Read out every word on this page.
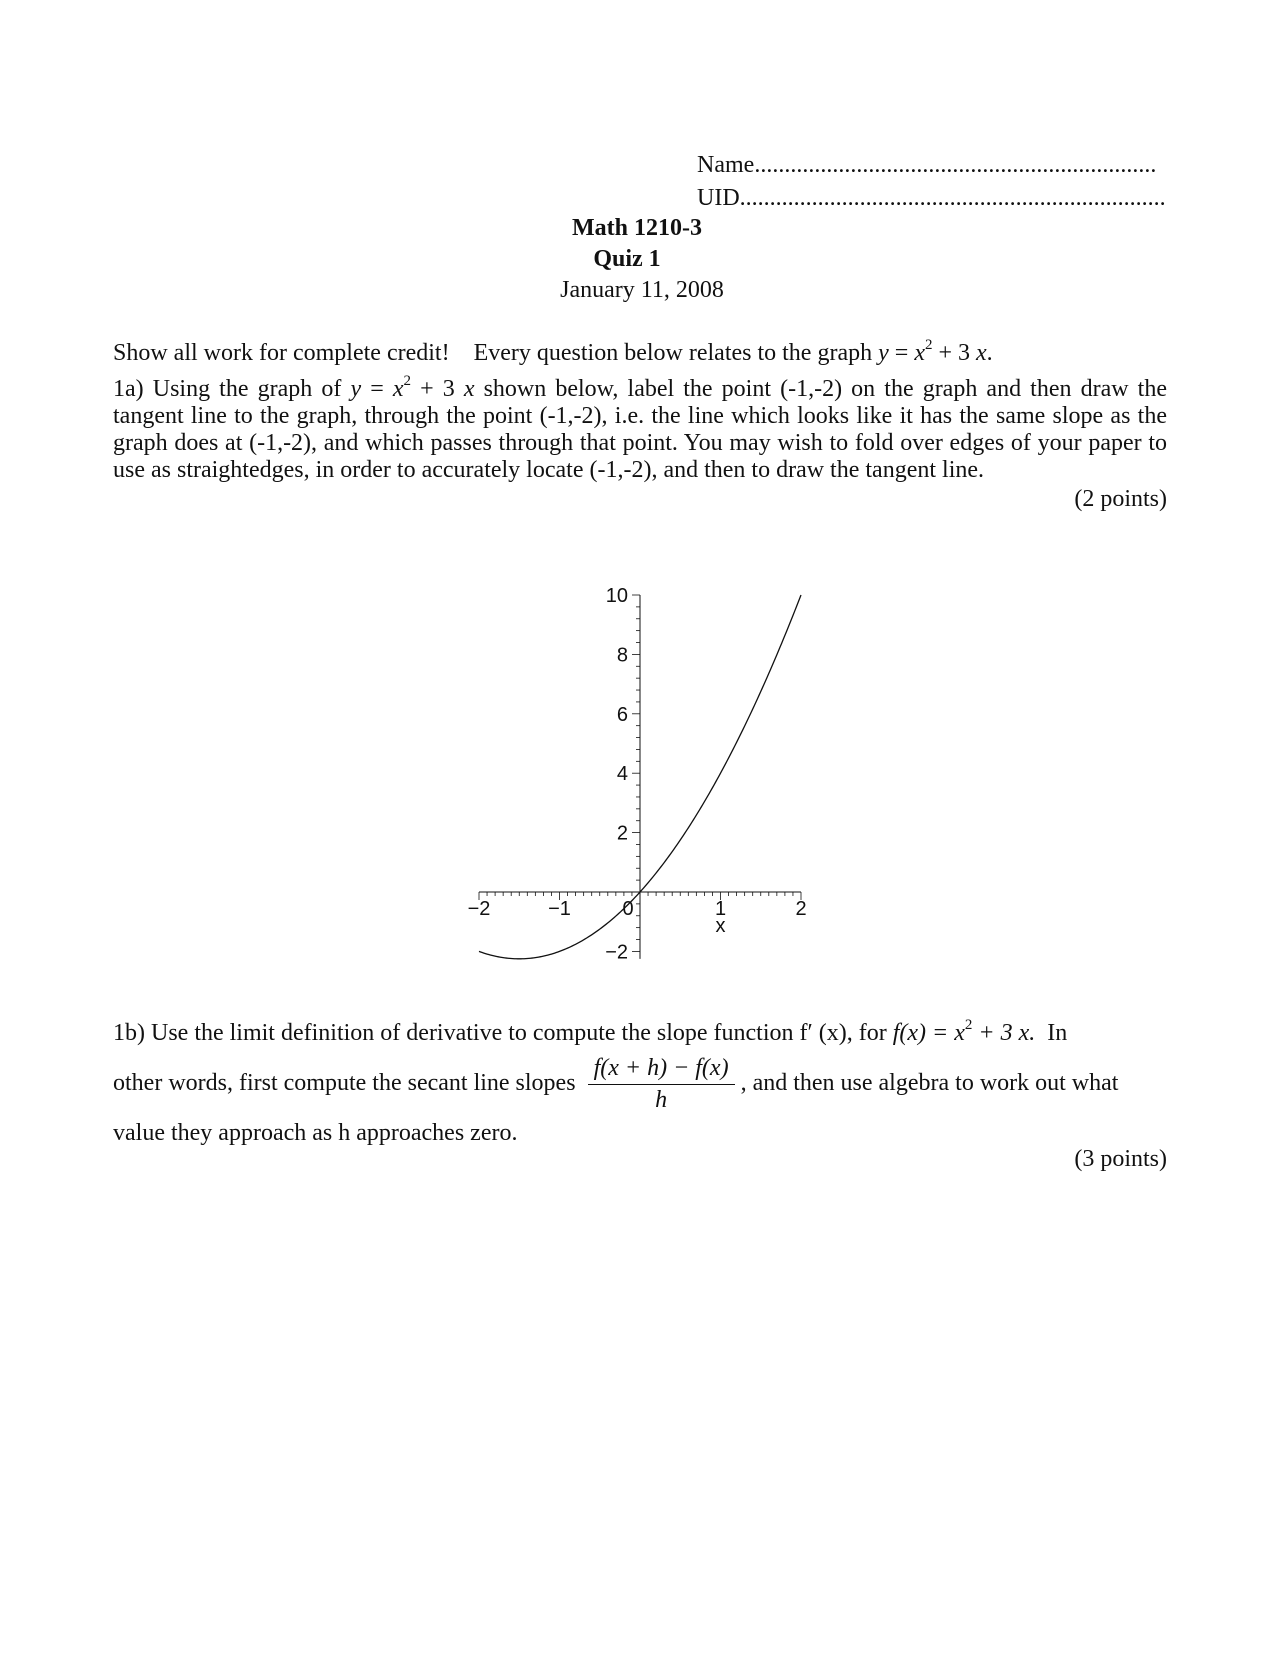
Name...................................................................
UID.......................................................................
Math 1210-3
Quiz 1
January 11, 2008
Show all work for complete credit! Every question below relates to the graph $y = x^2 + 3$ x.
1a) Using the graph of $y = x^2 + 3$ x shown below, label the point (-1,-2) on the graph and then draw the tangent line to the graph, through the point (-1,-2), i.e. the line which looks like it has the same slope as the graph does at (-1,-2), and which passes through that point. You may wish to fold over edges of your paper to use as straightedges, in order to accurately locate (-1,-2), and then to draw the tangent line.
(2 points)
−2	−1	0	1	2
−2
2
4
6
8
10
x
1b) Use the limit definition of derivative to compute the slope function f′ (x), for $f(x) = x^2 + 3$ x. In
other words, first compute the secant line slopes $\frac{f(x + h) - f(x)}{h}$ , and then use algebra to work out what
value they approach as h approaches zero.
(3 points)
